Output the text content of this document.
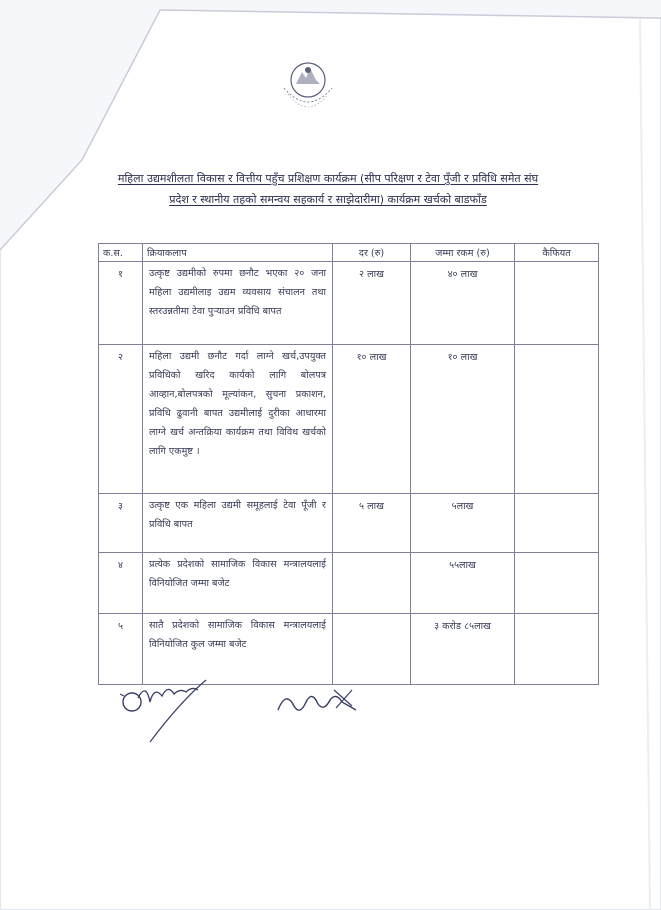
महिला उद्यमशीलता विकास र वित्तीय पहुँच प्रशिक्षण कार्यक्रम (सीप परिक्षण र टेवा पुँजी र प्रविधि समेत संघ
प्रदेश र स्थानीय तहको समन्वय सहकार्य र साझेदारीमा) कार्यक्रम खर्चको बाडफाँड
क.स.	क्रियाकलाप	दर (रु)	जम्मा रकम (रु)	कैफियत
१	उत्कृष्ट उद्यमीको रुपमा छनौट भएका २० जना महिला उद्यमीलाइ उद्यम व्यवसाय संचालन तथा स्तरउन्नतीमा टेवा पुऱ्याउन प्रविधि बापत	२ लाख	४० लाख	
२	महिला उद्यमी छनौट गर्दा लाग्ने खर्च,उपयुक्त प्रविधिको खरिद कार्यको लागि बोलपत्र आव्हान,बोलपत्रको मूल्यांकन, सुचना प्रकाशन, प्रविधि ढुवानी बापत उद्यमीलाई दुरीका आधारमा लाग्ने खर्च अन्तक्रिया कार्यक्रम तथा विविध खर्चको लागि एकमुष्ट ।	१० लाख	१० लाख	
३	उत्कृष्ट एक महिला उद्यमी समूहलाई टेवा पूँजी र प्रविधि बापत	५ लाख	५लाख	
४	प्रत्येक प्रदेशको सामाजिक विकास मन्त्रालयलाई विनियोजित जम्मा बजेट		५५लाख	
५	सातै प्रदेशको सामाजिक विकास मन्त्रालयलाई विनियोजित कुल जम्मा बजेट		३ करोड ८५लाख	
